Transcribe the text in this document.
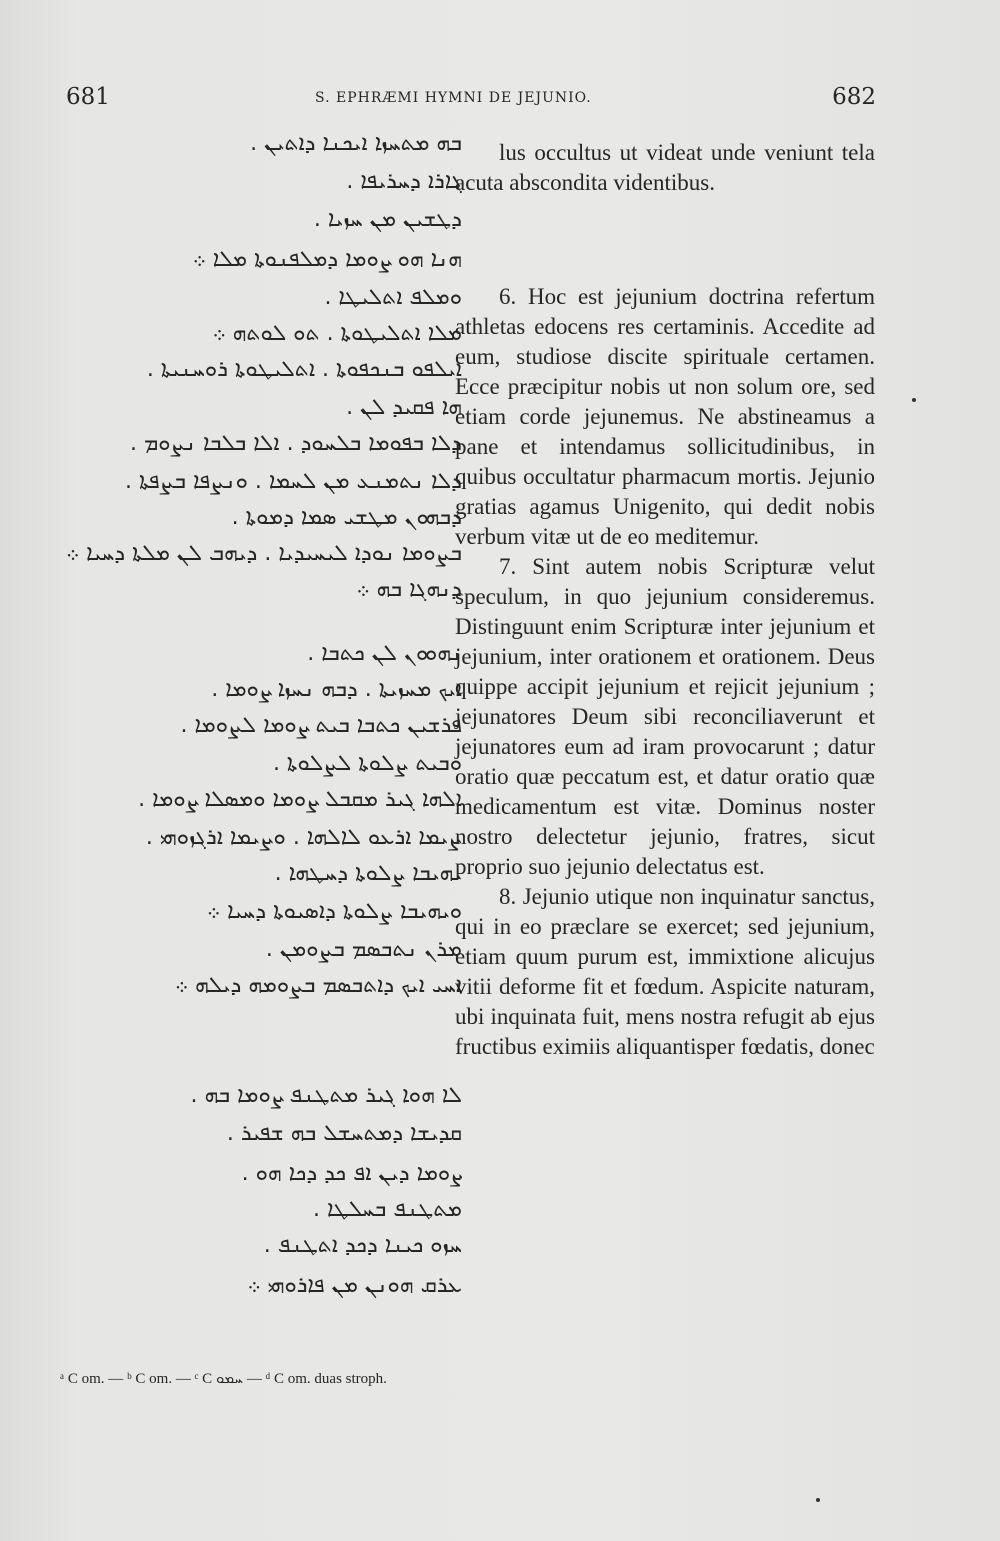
681	S. EPHRÆMI HYMNI DE JEJUNIO.	682
ܒܗ ܡܬܚܙܐ ܐܝܟܢܐ ܕܐܬܝܢ .
ܓܐܪܐ ܕܚܪܝܦܐ .
ܕܛܫܝܢ ܡܢ ܚܙܝܐ .
ܗܢܐ ܗܘ ܨܘܡܐ ܕܡܠܦܢܘܬܐ ܡܠܐ ܀
ܘܡܠܦ ܐܬܠܝܛܐ .
ܡܠܐ ܐܬܠܝܛܘܬܐ . ܬܘ ܠܘܬܗ ܀
ܐܝܠܦܘ ܒܢܟܦܘܬܐ . ܐܬܠܝܛܘܬܐ ܪܘܚܢܝܬܐ .
ܗܐ ܦܩܝܕ ܠܢ .
ܕܠܐ ܒܦܘܡܐ ܒܠܚܘܕ . ܐܠܐ ܒܠܒܐ ܢܨܘܡ .
ܕܠܐ ܢܬܡܢܥ ܡܢ ܠܚܡܐ . ܘܢܨܦܐ ܒܨܦܬܐ .
ܕܒܗܘܢ ܡܛܫܝ ܣܡܐ ܕܡܘܬܐ .
ܒܨܘܡܐ ܢܘܕܐ ܠܝܚܝܕܝܐ . ܕܝܗܒ ܠܢ ܡܠܬܐ ܕܚܝܐ ܀
ܕܢܗܓܐ ܒܗ ܀
ܢܗܘܘܢ ܠܢ ܟܬܒܐ .
ܐܝܟ ܡܚܙܝܬܐ . ܕܒܗ ܢܚܙܐ ܨܘܡܐ .
ܦܪܫܝܢ ܟܬܒܐ ܒܝܬ ܨܘܡܐ ܠܨܘܡܐ .
ܘܒܝܬ ܨܠܘܬܐ ܠܨܠܘܬܐ .
ܐܠܗܐ ܓܝܪ ܡܩܒܠ ܨܘܡܐ ܘܡܣܠܐ ܨܘܡܐ .
ܨܝܡܐ ܐܪܥܘ ܠܐܠܗܐ . ܘܨܝܡܐ ܐܪܓܙܘܗܝ .
ܝܗܝܒܐ ܨܠܘܬܐ ܕܚܛܗܐ .
ܘܝܗܝܒܐ ܨܠܘܬܐ ܕܐܣܝܘܬܐ ܕܚܝܐ ܀
ܡܪܢ ܢܬܒܣܡ ܒܨܘܡܢ .
ܐܚܝ ܐܝܟ ܕܐܬܒܣܡ ܒܨܘܡܗ ܕܝܠܗ ܀
ܠܐ ܗܘܐ ܓܝܪ ܡܬܛܢܦ ܨܘܡܐ ܒܗ .
ܩܕܝܫܐ ܕܡܬܚܫܠ ܒܗ ܫܦܝܪ .
ܨܘܡܐ ܕܝܢ ܐܦ ܟܕ ܕܟܐ ܗܘ .
ܡܬܛܢܦ ܒܚܠܛܐ .
ܚܙܘ ܟܝܢܐ ܕܟܕ ܐܬܛܢܦ .
ܥܪܩ ܗܘܢܢ ܡܢ ܦܐܪܘܗܝ ܀

lus occultus ut videat unde veniunt tela acuta abscondita videntibus.

6. Hoc est jejunium doctrina refertum athletas edocens res certaminis. Accedite ad eum, studiose discite spirituale certamen. Ecce præcipitur nobis ut non solum ore, sed etiam corde jejunemus. Ne abstineamus a pane et intendamus sollicitudinibus, in quibus occultatur pharmacum mortis. Jejunio gratias agamus Unigenito, qui dedit nobis verbum vitæ ut de eo meditemur.

7. Sint autem nobis Scripturæ velut speculum, in quo jejunium consideremus. Distinguunt enim Scripturæ inter jejunium et jejunium, inter orationem et orationem. Deus quippe accipit jejunium et rejicit jejunium ; jejunatores Deum sibi reconciliaverunt et jejunatores eum ad iram provocarunt ; datur oratio quæ peccatum est, et datur oratio quæ medicamentum est vitæ. Dominus noster nostro delectetur jejunio, fratres, sicut proprio suo jejunio delectatus est.

8. Jejunio utique non inquinatur sanctus, qui in eo præclare se exercet; sed jejunium, etiam quum purum est, immixtione alicujus vitii deforme fit et fœdum. Aspicite naturam, ubi inquinata fuit, mens nostra refugit ab ejus fructibus eximiis aliquantisper fœdatis, donec

ᵃ C om. — ᵇ C om. — ᶜ C ܚܡܘ — ᵈ C om. duas stroph.
